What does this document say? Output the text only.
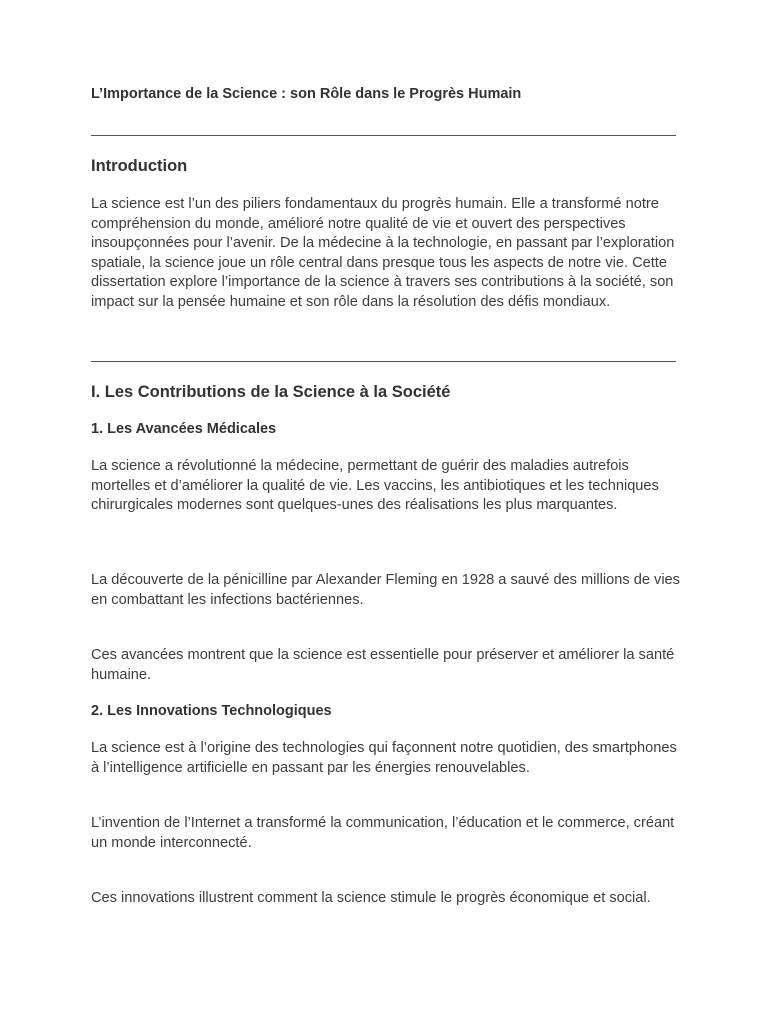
L’Importance de la Science : son Rôle dans le Progrès Humain
Introduction

La science est l’un des piliers fondamentaux du progrès humain. Elle a transformé notre compréhension du monde, amélioré notre qualité de vie et ouvert des perspectives insoupçonnées pour l’avenir. De la médecine à la technologie, en passant par l’exploration spatiale, la science joue un rôle central dans presque tous les aspects de notre vie. Cette dissertation explore l’importance de la science à travers ses contributions à la société, son impact sur la pensée humaine et son rôle dans la résolution des défis mondiaux.

I. Les Contributions de la Science à la Société
1. Les Avancées Médicales

La science a révolutionné la médecine, permettant de guérir des maladies autrefois mortelles et d’améliorer la qualité de vie. Les vaccins, les antibiotiques et les techniques chirurgicales modernes sont quelques-unes des réalisations les plus marquantes.

La découverte de la pénicilline par Alexander Fleming en 1928 a sauvé des millions de vies en combattant les infections bactériennes.

Ces avancées montrent que la science est essentielle pour préserver et améliorer la santé humaine.

2. Les Innovations Technologiques

La science est à l’origine des technologies qui façonnent notre quotidien, des smartphones à l’intelligence artificielle en passant par les énergies renouvelables.

L’invention de l’Internet a transformé la communication, l’éducation et le commerce, créant un monde interconnecté.

Ces innovations illustrent comment la science stimule le progrès économique et social.
